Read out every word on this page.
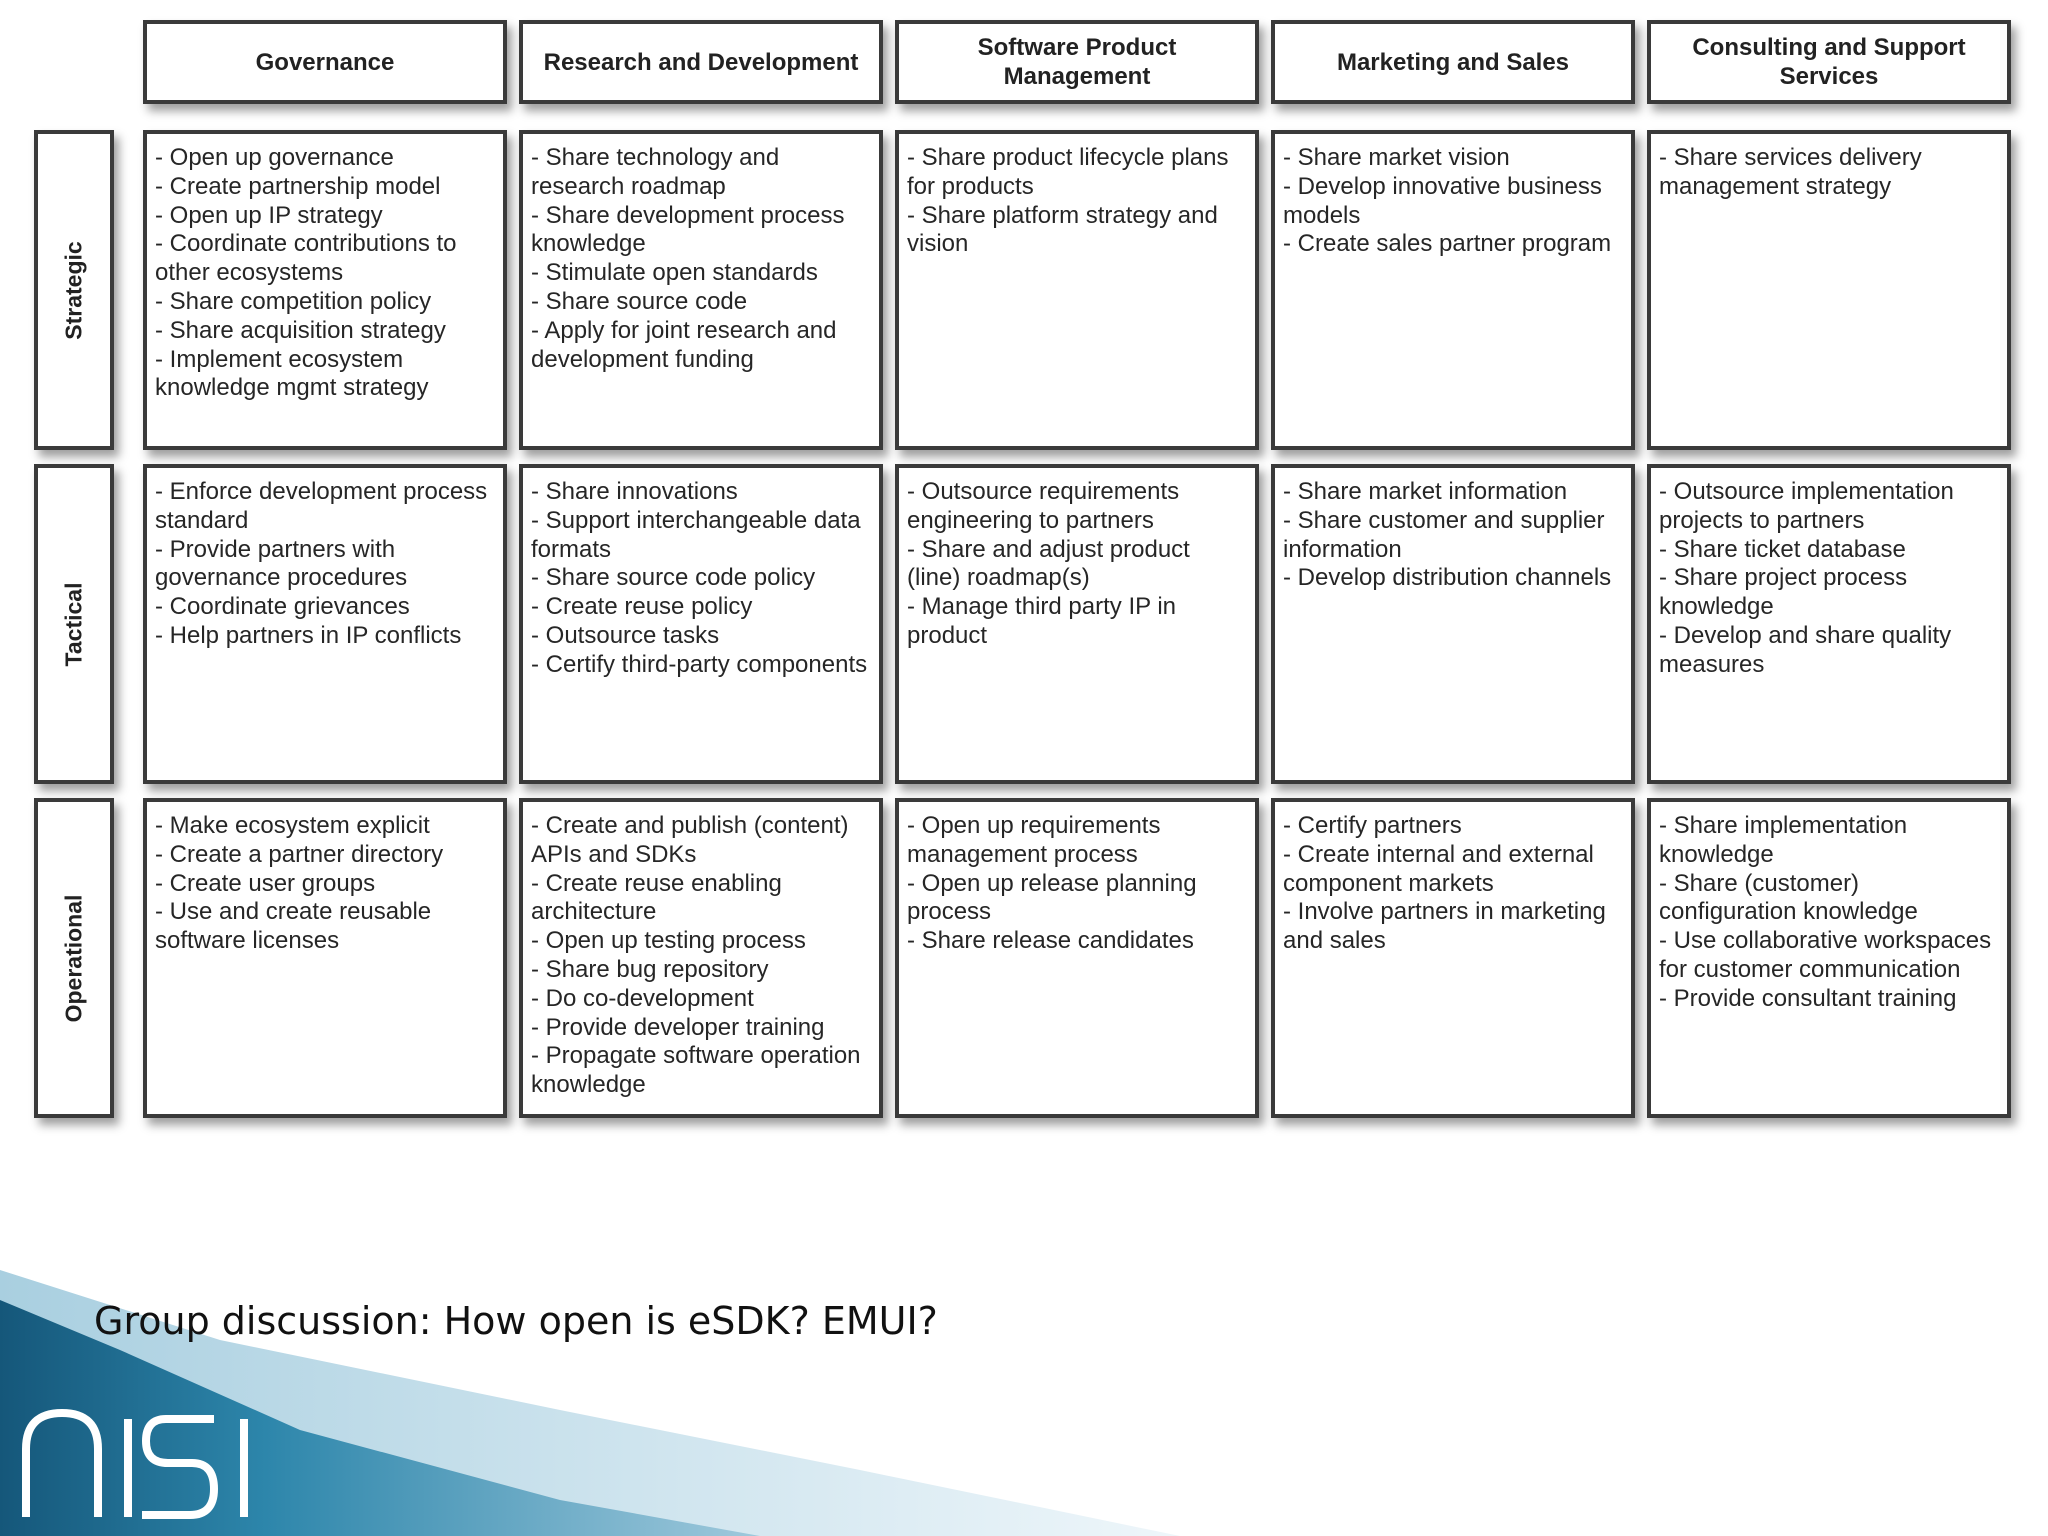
Governance	Research and Development
Software Product Management
Marketing and Sales
Consulting and Support Services
Strategic
Tactical
Operational
- Open up governance
- Create partnership model
- Open up IP strategy
- Coordinate contributions to other ecosystems
- Share competition policy
- Share acquisition strategy
- Implement ecosystem knowledge mgmt strategy
- Share technology and research roadmap
- Share development process knowledge
- Stimulate open standards
- Share source code
- Apply for joint research and development funding
- Share product lifecycle plans for products
- Share platform strategy and vision
- Share market vision
- Develop innovative business models
- Create sales partner program
- Share services delivery management strategy
- Enforce development process standard
- Provide partners with governance procedures
- Coordinate grievances
- Help partners in IP conflicts
- Share innovations
- Support interchangeable data formats
- Share source code policy
- Create reuse policy
- Outsource tasks
- Certify third-party components
- Outsource requirements engineering to partners
- Share and adjust product (line) roadmap(s)
- Manage third party IP in product
- Share market information
- Share customer and supplier information
- Develop distribution channels
- Outsource implementation projects to partners
- Share ticket database
- Share project process knowledge
- Develop and share quality measures
- Make ecosystem explicit
- Create a partner directory
- Create user groups
- Use and create reusable software licenses
- Create and publish (content) APIs and SDKs
- Create reuse enabling architecture
- Open up testing process
- Share bug repository
- Do co-development
- Provide developer training
- Propagate software operation knowledge
- Open up requirements management process
- Open up release planning process
- Share release candidates
- Certify partners
- Create internal and external component markets
- Involve partners in marketing and sales
- Share implementation knowledge
- Share (customer) configuration knowledge
- Use collaborative workspaces for customer communication
- Provide consultant training
Group discussion: How open is eSDK? EMUI?
